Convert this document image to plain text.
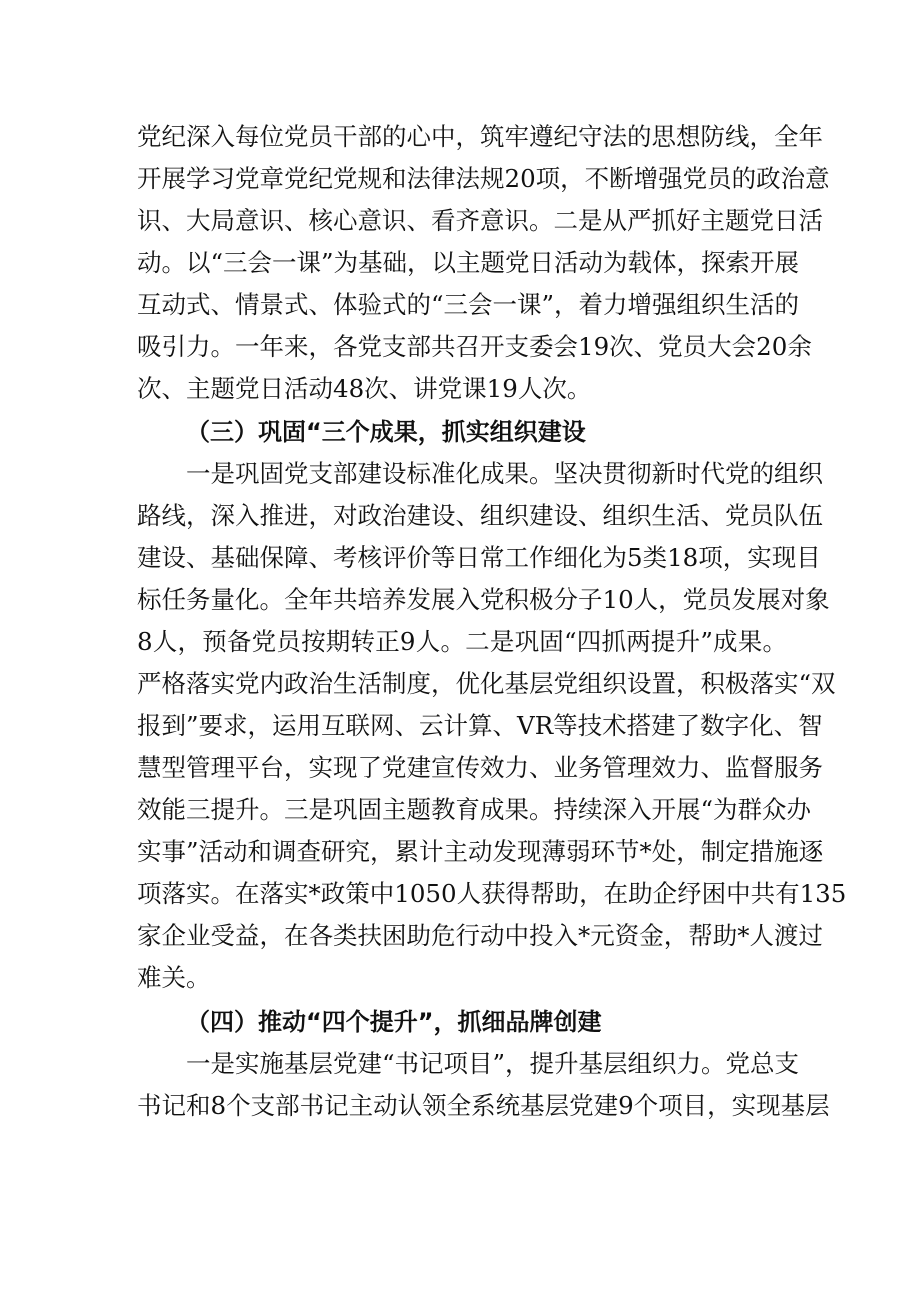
党纪深入每位党员干部的心中，筑牢遵纪守法的思想防线，全年
开展学习党章党纪党规和法律法规20项，不断增强党员的政治意
识、大局意识、核心意识、看齐意识。二是从严抓好主题党日活
动。以“三会一课”为基础，以主题党日活动为载体，探索开展
互动式、情景式、体验式的“三会一课”，着力增强组织生活的
吸引力。一年来，各党支部共召开支委会19次、党员大会20余
次、主题党日活动48次、讲党课19人次。
（三）巩固“三个成果，抓实组织建设
一是巩固党支部建设标准化成果。坚决贯彻新时代党的组织
路线，深入推进，对政治建设、组织建设、组织生活、党员队伍
建设、基础保障、考核评价等日常工作细化为5类18项，实现目
标任务量化。全年共培养发展入党积极分子10人，党员发展对象
8人，预备党员按期转正9人。二是巩固“四抓两提升”成果。
严格落实党内政治生活制度，优化基层党组织设置，积极落实“双
报到”要求，运用互联网、云计算、VR等技术搭建了数字化、智
慧型管理平台，实现了党建宣传效力、业务管理效力、监督服务
效能三提升。三是巩固主题教育成果。持续深入开展“为群众办
实事”活动和调查研究，累计主动发现薄弱环节*处，制定措施逐
项落实。在落实*政策中1050人获得帮助，在助企纾困中共有135
家企业受益，在各类扶困助危行动中投入*元资金，帮助*人渡过
难关。
（四）推动“四个提升”，抓细品牌创建
一是实施基层党建“书记项目”，提升基层组织力。党总支
书记和8个支部书记主动认领全系统基层党建9个项目，实现基层
